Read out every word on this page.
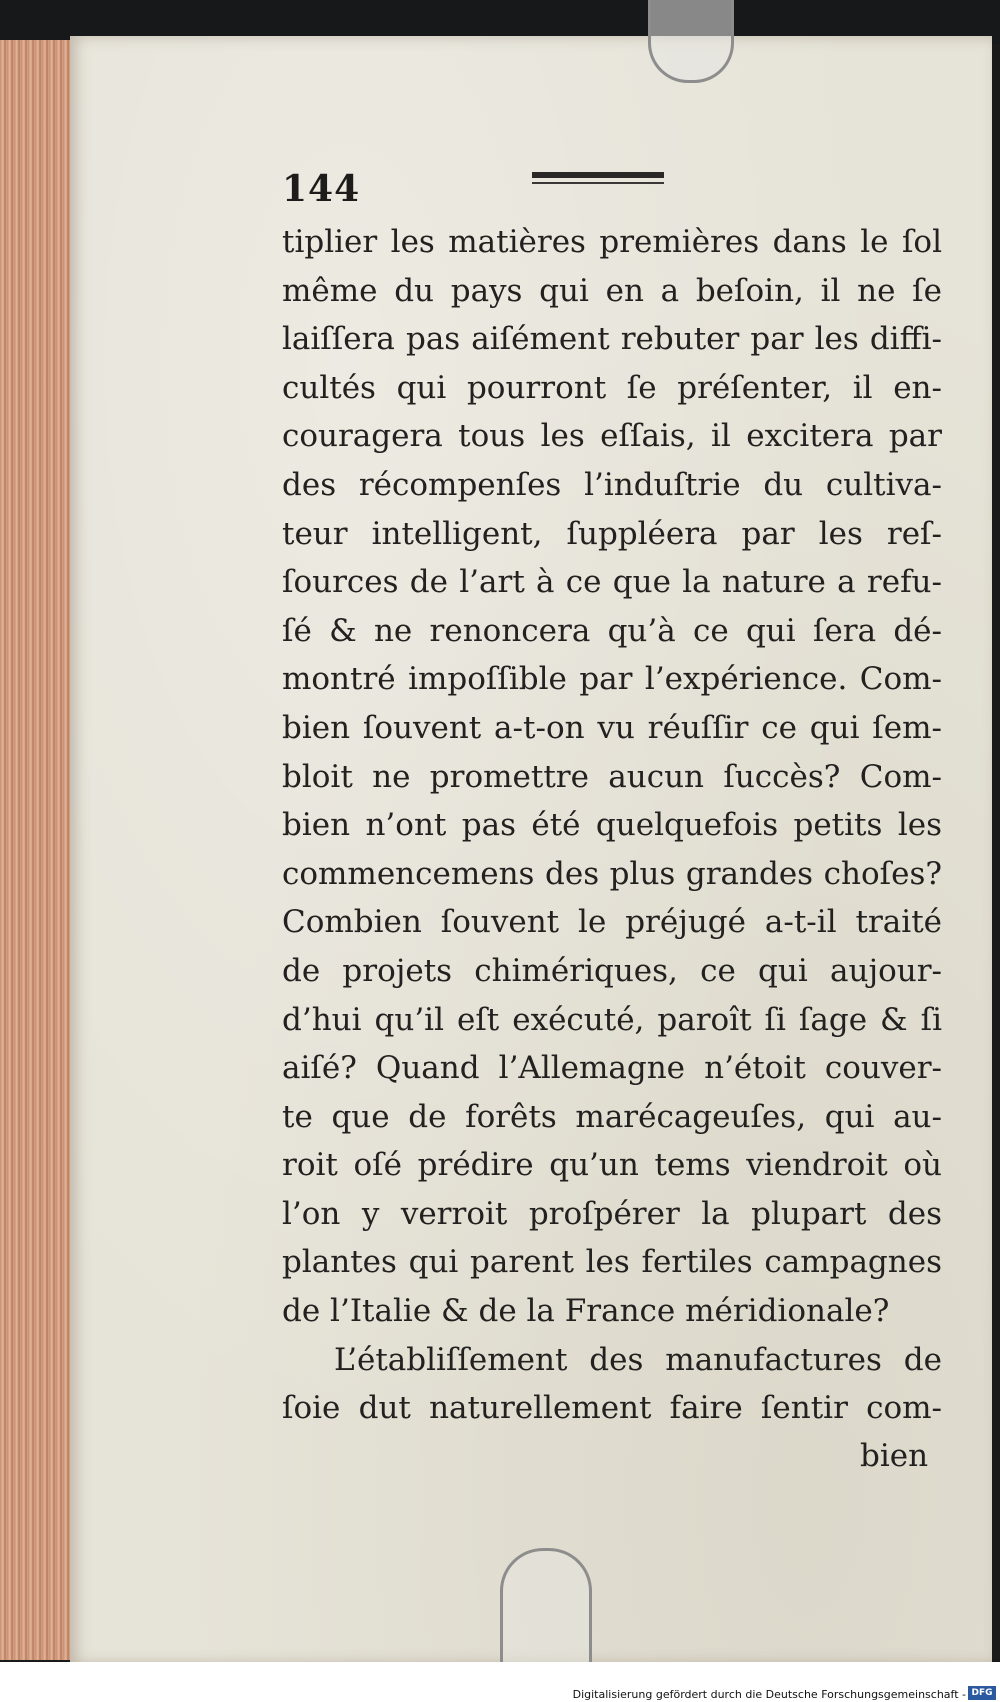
144
tiplier les matières premières dans le ſol
même du pays qui en a beſoin, il ne ſe
laiſſera pas aiſément rebuter par les diffi-
cultés qui pourront ſe préſenter, il en-
couragera tous les eſſais, il excitera par
des récompenſes l’induſtrie du cultiva-
teur intelligent, ſuppléera par les reſ-
ſources de l’art à ce que la nature a refu-
ſé & ne renoncera qu’à ce qui ſera dé-
montré impoſſible par l’expérience. Com-
bien ſouvent a-t-on vu réuſſir ce qui ſem-
bloit ne promettre aucun ſuccès? Com-
bien n’ont pas été quelquefois petits les
commencemens des plus grandes choſes?
Combien ſouvent le préjugé a-t-il traité
de projets chimériques, ce qui aujour-
d’hui qu’il eſt exécuté, paroît ſi ſage & ſi
aiſé? Quand l’Allemagne n’étoit couver-
te que de forêts marécageuſes, qui au-
roit oſé prédire qu’un tems viendroit où
l’on y verroit proſpérer la plupart des
plantes qui parent les fertiles campagnes
de l’Italie & de la France méridionale?
L’établiſſement des manufactures de
ſoie dut naturellement faire ſentir com-
bien
Digitalisierung gefördert durch die Deutsche Forschungsgemeinschaft - DFG
